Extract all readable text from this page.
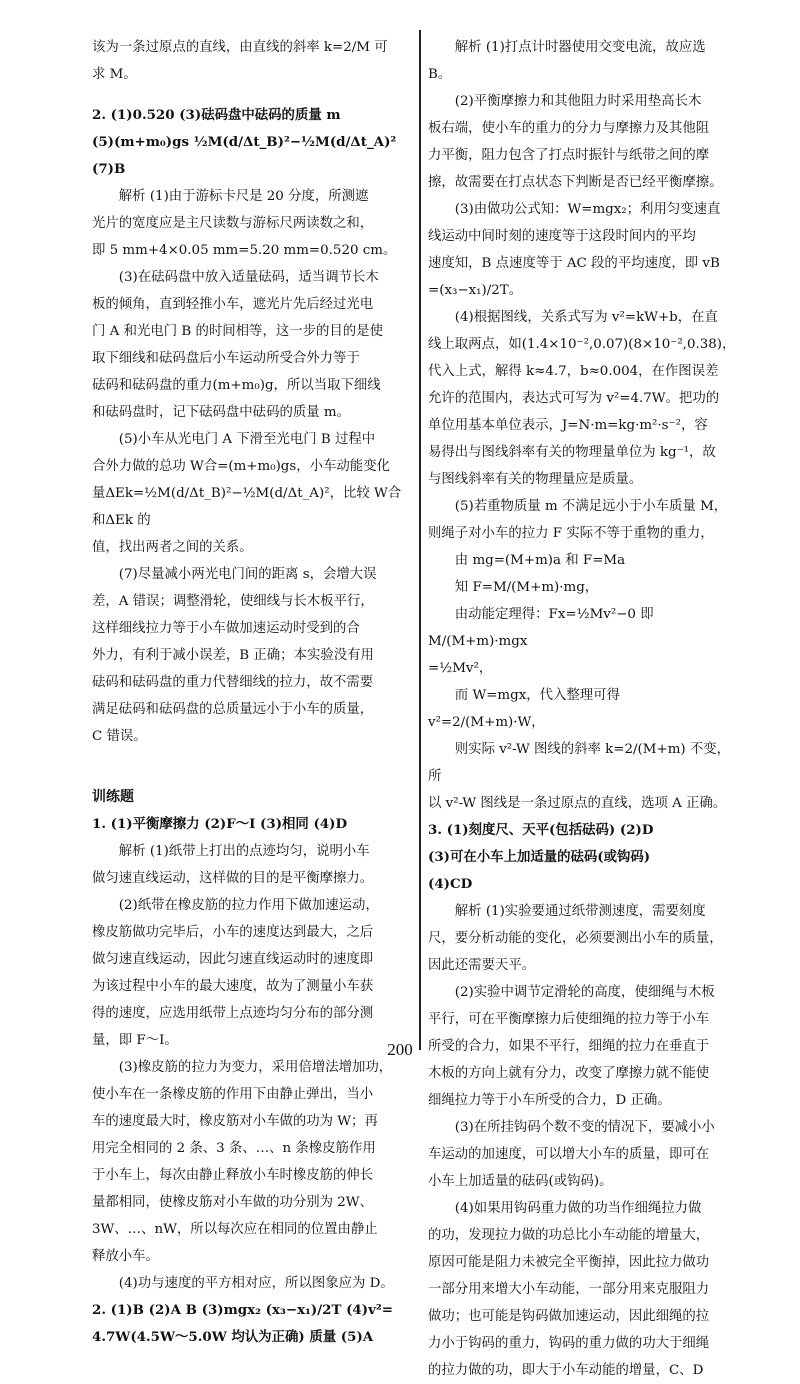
该为一条过原点的直线，由直线的斜率 k=2/M 可

求 M。

2. (1)0.520 (3)砝码盘中砝码的质量 m

(5)(m+m₀)gs ½M(d/Δt_B)²−½M(d/Δt_A)² (7)B

解析 (1)由于游标卡尺是 20 分度，所测遮

光片的宽度应是主尺读数与游标尺两读数之和，

即 5 mm+4×0.05 mm=5.20 mm=0.520 cm。

(3)在砝码盘中放入适量砝码，适当调节长木

板的倾角，直到轻推小车，遮光片先后经过光电

门 A 和光电门 B 的时间相等，这一步的目的是使

取下细线和砝码盘后小车运动所受合外力等于

砝码和砝码盘的重力(m+m₀)g，所以当取下细线

和砝码盘时，记下砝码盘中砝码的质量 m。

(5)小车从光电门 A 下滑至光电门 B 过程中

合外力做的总功 W合=(m+m₀)gs，小车动能变化

量ΔEk=½M(d/Δt_B)²−½M(d/Δt_A)²，比较 W合和ΔEk 的

值，找出两者之间的关系。

(7)尽量减小两光电门间的距离 s，会增大误

差，A 错误；调整滑轮，使细线与长木板平行，

这样细线拉力等于小车做加速运动时受到的合

外力，有利于减小误差，B 正确；本实验没有用

砝码和砝码盘的重力代替细线的拉力，故不需要

满足砝码和砝码盘的总质量远小于小车的质量，

C 错误。

训练题

1. (1)平衡摩擦力 (2)F～I (3)相同 (4)D

解析 (1)纸带上打出的点迹均匀，说明小车

做匀速直线运动，这样做的目的是平衡摩擦力。

(2)纸带在橡皮筋的拉力作用下做加速运动，

橡皮筋做功完毕后，小车的速度达到最大，之后

做匀速直线运动，因此匀速直线运动时的速度即

为该过程中小车的最大速度，故为了测量小车获

得的速度，应选用纸带上点迹均匀分布的部分测

量，即 F～I。

(3)橡皮筋的拉力为变力，采用倍增法增加功，

使小车在一条橡皮筋的作用下由静止弹出，当小

车的速度最大时，橡皮筋对小车做的功为 W；再

用完全相同的 2 条、3 条、…、n 条橡皮筋作用

于小车上，每次由静止释放小车时橡皮筋的伸长

量都相同，使橡皮筋对小车做的功分别为 2W、

3W、…、nW，所以每次应在相同的位置由静止

释放小车。

(4)功与速度的平方相对应，所以图象应为 D。

2. (1)B (2)A B (3)mgx₂ (x₃−x₁)/2T (4)v²=

4.7W(4.5W～5.0W 均认为正确) 质量 (5)A

解析 (1)打点计时器使用交变电流，故应选

B。

(2)平衡摩擦力和其他阻力时采用垫高长木

板右端，使小车的重力的分力与摩擦力及其他阻

力平衡，阻力包含了打点时振针与纸带之间的摩

擦，故需要在打点状态下判断是否已经平衡摩擦。

(3)由做功公式知：W=mgx₂；利用匀变速直

线运动中间时刻的速度等于这段时间内的平均

速度知，B 点速度等于 AC 段的平均速度，即 vB

=(x₃−x₁)/2T。

(4)根据图线，关系式写为 v²=kW+b，在直

线上取两点，如(1.4×10⁻²,0.07)(8×10⁻²,0.38)，

代入上式，解得 k≈4.7，b≈0.004，在作图误差

允许的范围内，表达式可写为 v²=4.7W。把功的

单位用基本单位表示，J=N·m=kg·m²·s⁻²，容

易得出与图线斜率有关的物理量单位为 kg⁻¹，故

与图线斜率有关的物理量应是质量。

(5)若重物质量 m 不满足远小于小车质量 M，

则绳子对小车的拉力 F 实际不等于重物的重力，

由 mg=(M+m)a 和 F=Ma

知 F=M/(M+m)·mg，

由动能定理得：Fx=½Mv²−0 即 M/(M+m)·mgx

=½Mv²，

而 W=mgx，代入整理可得 v²=2/(M+m)·W，

则实际 v²-W 图线的斜率 k=2/(M+m) 不变，所

以 v²-W 图线是一条过原点的直线，选项 A 正确。

3. (1)刻度尺、天平(包括砝码) (2)D

(3)可在小车上加适量的砝码(或钩码)

(4)CD

解析 (1)实验要通过纸带测速度，需要刻度

尺，要分析动能的变化，必须要测出小车的质量，

因此还需要天平。

(2)实验中调节定滑轮的高度，使细绳与木板

平行，可在平衡摩擦力后使细绳的拉力等于小车

所受的合力，如果不平行，细绳的拉力在垂直于

木板的方向上就有分力，改变了摩擦力就不能使

细绳拉力等于小车所受的合力，D 正确。

(3)在所挂钩码个数不变的情况下，要减小小

车运动的加速度，可以增大小车的质量，即可在

小车上加适量的砝码(或钩码)。

(4)如果用钩码重力做的功当作细绳拉力做

的功，发现拉力做的功总比小车动能的增量大，

原因可能是阻力未被完全平衡掉，因此拉力做功

一部分用来增大小车动能，一部分用来克服阻力

做功；也可能是钩码做加速运动，因此细绳的拉

力小于钩码的重力，钩码的重力做的功大于细绳

的拉力做的功，即大于小车动能的增量，C、D

200
